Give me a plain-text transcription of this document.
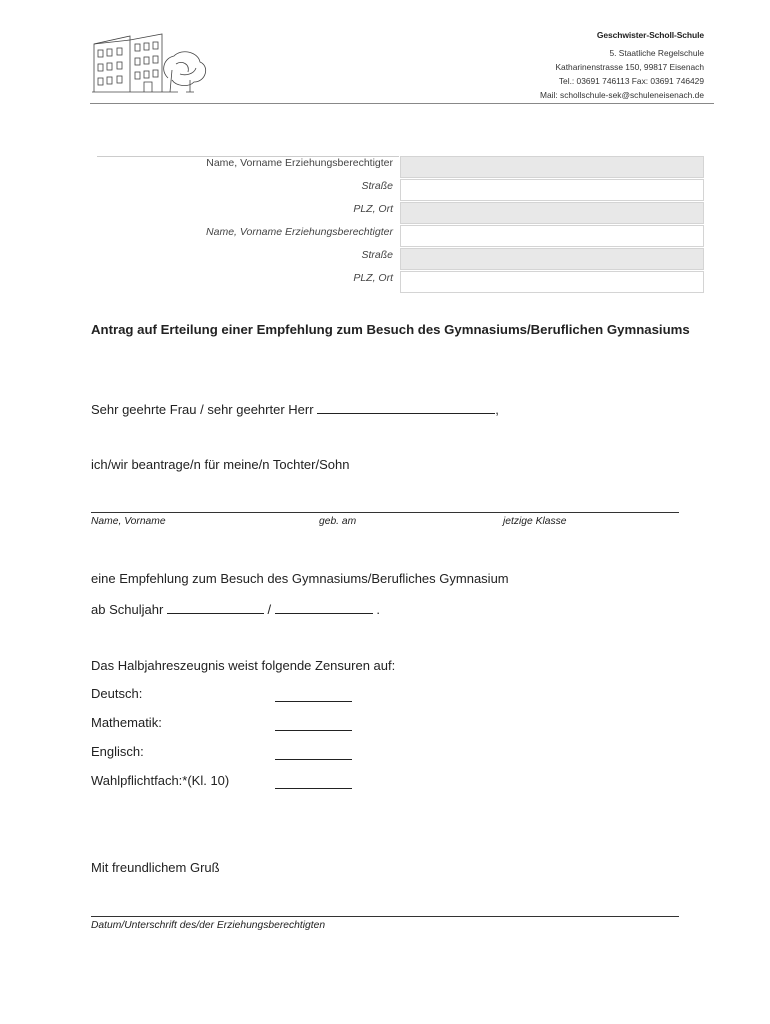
Geschwister-Scholl-Schule
5. Staatliche Regelschule
Katharinenstrasse 150, 99817 Eisenach
Tel.: 03691 746113 Fax: 03691 746429
Mail: schollschule-sek@schuleneisenach.de
Name, Vorname Erziehungsberechtigter
Straße
PLZ, Ort
Name, Vorname Erziehungsberechtigter
Straße
PLZ, Ort
Antrag auf Erteilung einer Empfehlung zum Besuch des Gymnasiums/Beruflichen Gymnasiums
Sehr geehrte Frau / sehr geehrter Herr	,
ich/wir beantrage/n für meine/n Tochter/Sohn
Name, Vorname	geb. am	jetzige Klasse
eine Empfehlung zum Besuch des Gymnasiums/Berufliches Gymnasium
ab Schuljahr	/	.
Das Halbjahreszeugnis weist folgende Zensuren auf:
Deutsch:
Mathematik:
Englisch:
Wahlpflichtfach:*(Kl. 10)
Mit freundlichem Gruß
Datum/Unterschrift des/der Erziehungsberechtigten
